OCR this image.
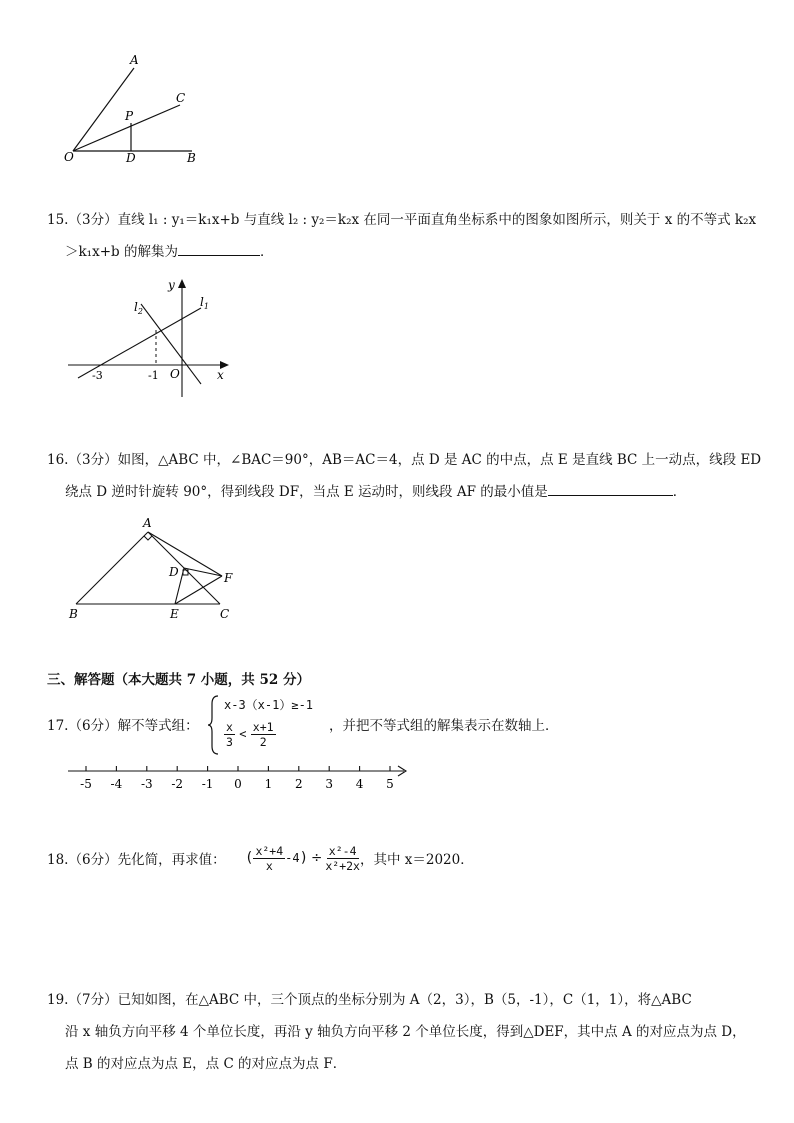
A
C
P
O	D	B
15.（3分）直线 l₁ : y₁＝k₁x+b 与直线 l₂ : y₂＝k₂x 在同一平面直角坐标系中的图象如图所示，则关于 x 的不等式 k₂x
＞k₁x+b 的解集为	．
y
x
O
-3	-1
$l_1$
$l_2$
16.（3分）如图，△ABC 中，∠BAC＝90°，AB＝AC＝4，点 D 是 AC 的中点，点 E 是直线 BC 上一动点，线段 ED
绕点 D 逆时针旋转 90°，得到线段 DF，当点 E 运动时，则线段 AF 的最小值是	．
A
B	C
D
E
F
三、解答题（本大题共 7 小题，共 52 分）
17.（6分）解不等式组：
x-3（x-1）≥-1
$\frac{x}{3} < \frac{x+1}{2}$	，并把不等式组的解集表示在数轴上．
-5 -4 -3 -2 -1 0 1 2 3 4 5
18.（6分）先化简，再求值： ( $\frac{\text{x²+4}}{x} -4$ ) ÷ $\frac{\text{x²-4}}{\text{x²+2x}}$ ，其中 x＝2020．
19.（7分）已知如图，在△ABC 中，三个顶点的坐标分别为 A（2，3），B（5，-1），C（1，1），将△ABC
沿 x 轴负方向平移 4 个单位长度，再沿 y 轴负方向平移 2 个单位长度，得到△DEF，其中点 A 的对应点为点 D，
点 B 的对应点为点 E，点 C 的对应点为点 F．
